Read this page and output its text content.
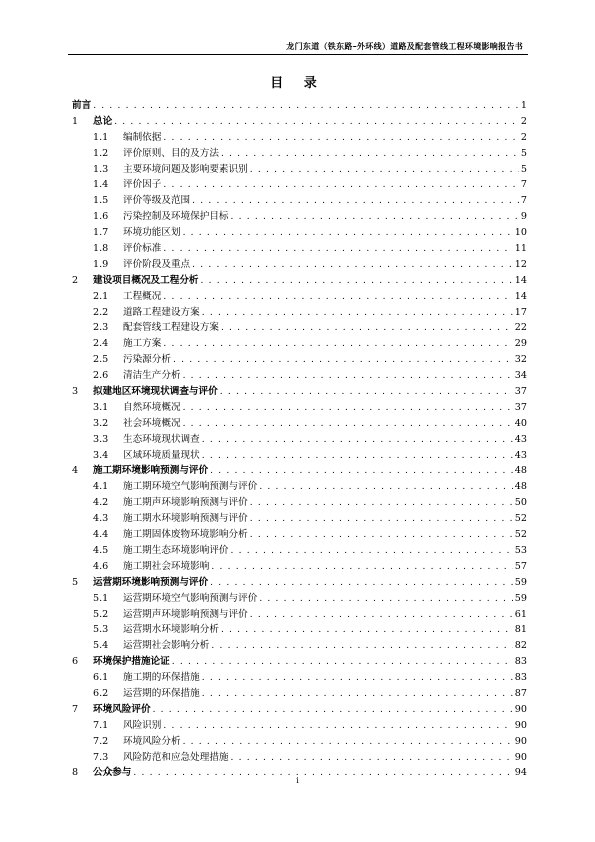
龙门东道（铁东路–外环线）道路及配套管线工程环境影响报告书
目 录
前言 . . .	1
1	总论 . . .	2
1.1	编制依据 . . .	2
1.2	评价原则、目的及方法 . . .	5
1.3	主要环境问题及影响要素识别 . . .	5
1.4	评价因子 . . .	7
1.5	评价等级及范围 . . .	7
1.6	污染控制及环境保护目标 . . .	9
1.7	环境功能区划 . . .	10
1.8	评价标准 . . .	11
1.9	评价阶段及重点 . . .	12
2	建设项目概况及工程分析 . . .	14
2.1	工程概况 . . .	14
2.2	道路工程建设方案 . . .	17
2.3	配套管线工程建设方案 . . .	22
2.4	施工方案 . . .	29
2.5	污染源分析 . . .	32
2.6	清洁生产分析 . . .	34
3	拟建地区环境现状调查与评价 . . .	37
3.1	自然环境概况 . . .	37
3.2	社会环境概况 . . .	40
3.3	生态环境现状调查 . . .	43
3.4	区域环境质量现状 . . .	43
4	施工期环境影响预测与评价 . . .	48
4.1	施工期环境空气影响预测与评价 . . .	48
4.2	施工期声环境影响预测与评价 . . .	50
4.3	施工期水环境影响预测与评价 . . .	52
4.4	施工期固体废物环境影响分析 . . .	52
4.5	施工期生态环境影响评价 . . .	53
4.6	施工期社会环境影响 . . .	57
5	运营期环境影响预测与评价 . . .	59
5.1	运营期环境空气影响预测与评价 . . .	59
5.2	运营期声环境影响预测与评价 . . .	61
5.3	运营期水环境影响分析 . . .	81
5.4	运营期社会影响分析 . . .	82
6	环境保护措施论证 . . .	83
6.1	施工期的环保措施 . . .	83
6.2	运营期的环保措施 . . .	87
7	环境风险评价 . . .	90
7.1	风险识别 . . .	90
7.2	环境风险分析 . . .	90
7.3	风险防范和应急处理措施 . . .	90
8	公众参与 . . .	94
i
